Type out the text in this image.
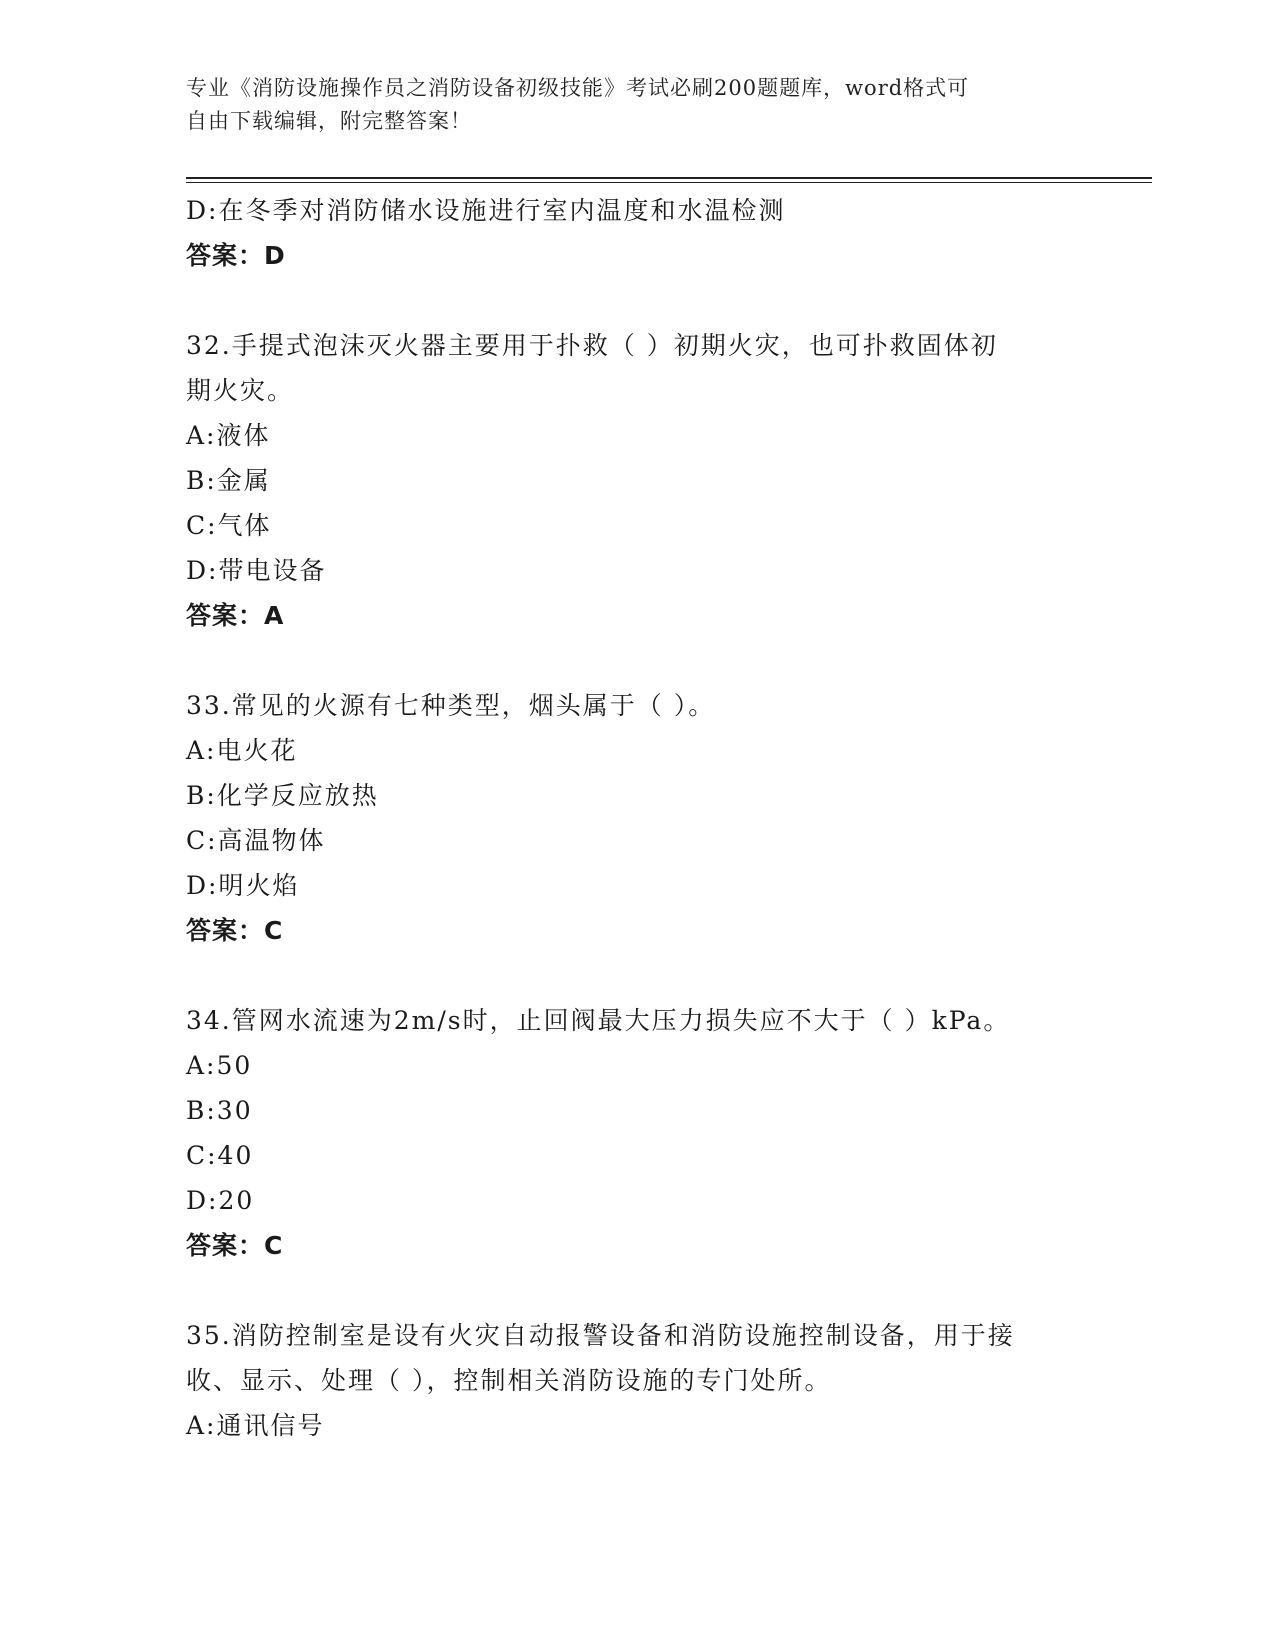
专业《消防设施操作员之消防设备初级技能》考试必刷200题题库，word格式可
自由下载编辑，附完整答案！
D:在冬季对消防储水设施进行室内温度和水温检测
答案：D
32.手提式泡沫灭火器主要用于扑救（ ）初期火灾，也可扑救固体初
期火灾。
A:液体
B:金属
C:气体
D:带电设备
答案：A
33.常见的火源有七种类型，烟头属于（ ）。
A:电火花
B:化学反应放热
C:高温物体
D:明火焰
答案：C
34.管网水流速为2m/s时，止回阀最大压力损失应不大于（ ）kPa。
A:50
B:30
C:40
D:20
答案：C
35.消防控制室是设有火灾自动报警设备和消防设施控制设备，用于接
收、显示、处理（ ），控制相关消防设施的专门处所。
A:通讯信号
